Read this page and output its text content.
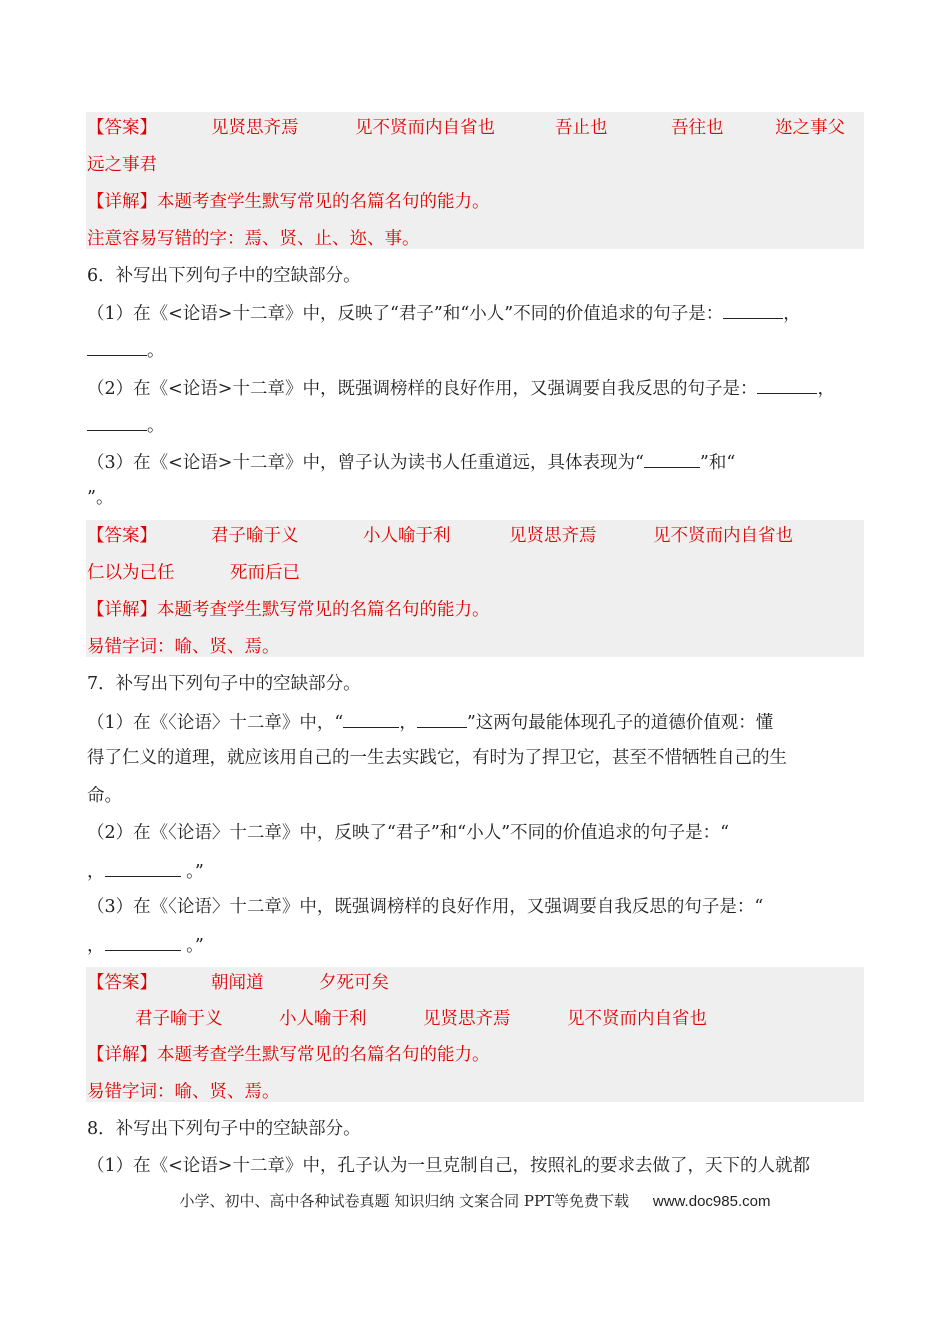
【答案】	见贤思齐焉	见不贤而内自省也	吾止也	吾往也	迩之事父
远之事君
【详解】本题考查学生默写常见的名篇名句的能力。
注意容易写错的字：焉、贤、止、迩、事。
6．补写出下列句子中的空缺部分。
（1）在《<论语>十二章》中，反映了“君子”和“小人”不同的价值追求的句子是：	，
。
（2）在《<论语>十二章》中，既强调榜样的良好作用，又强调要自我反思的句子是：	，
。
（3）在《<论语>十二章》中，曾子认为读书人任重道远，具体表现为“	”和“
”。
【答案】	君子喻于义	小人喻于利	见贤思齐焉	见不贤而内自省也
仁以为己任	死而后已
【详解】本题考查学生默写常见的名篇名句的能力。
易错字词：喻、贤、焉。
7．补写出下列句子中的空缺部分。
（1）在《〈论语〉十二章》中，“	，	”这两句最能体现孔子的道德价值观：懂
得了仁义的道理，就应该用自己的一生去实践它，有时为了捍卫它，甚至不惜牺牲自己的生
命。
（2）在《〈论语〉十二章》中，反映了“君子”和“小人”不同的价值追求的句子是：“
，	。”
（3）在《〈论语〉十二章》中，既强调榜样的良好作用，又强调要自我反思的句子是：“
，	。”
【答案】	朝闻道	夕死可矣
君子喻于义	小人喻于利	见贤思齐焉	见不贤而内自省也
【详解】本题考查学生默写常见的名篇名句的能力。
易错字词：喻、贤、焉。
8．补写出下列句子中的空缺部分。
（1）在《<论语>十二章》中，孔子认为一旦克制自己，按照礼的要求去做了，天下的人就都
小学、初中、高中各种试卷真题 知识归纳 文案合同 PPT等免费下载 www.doc985.com
